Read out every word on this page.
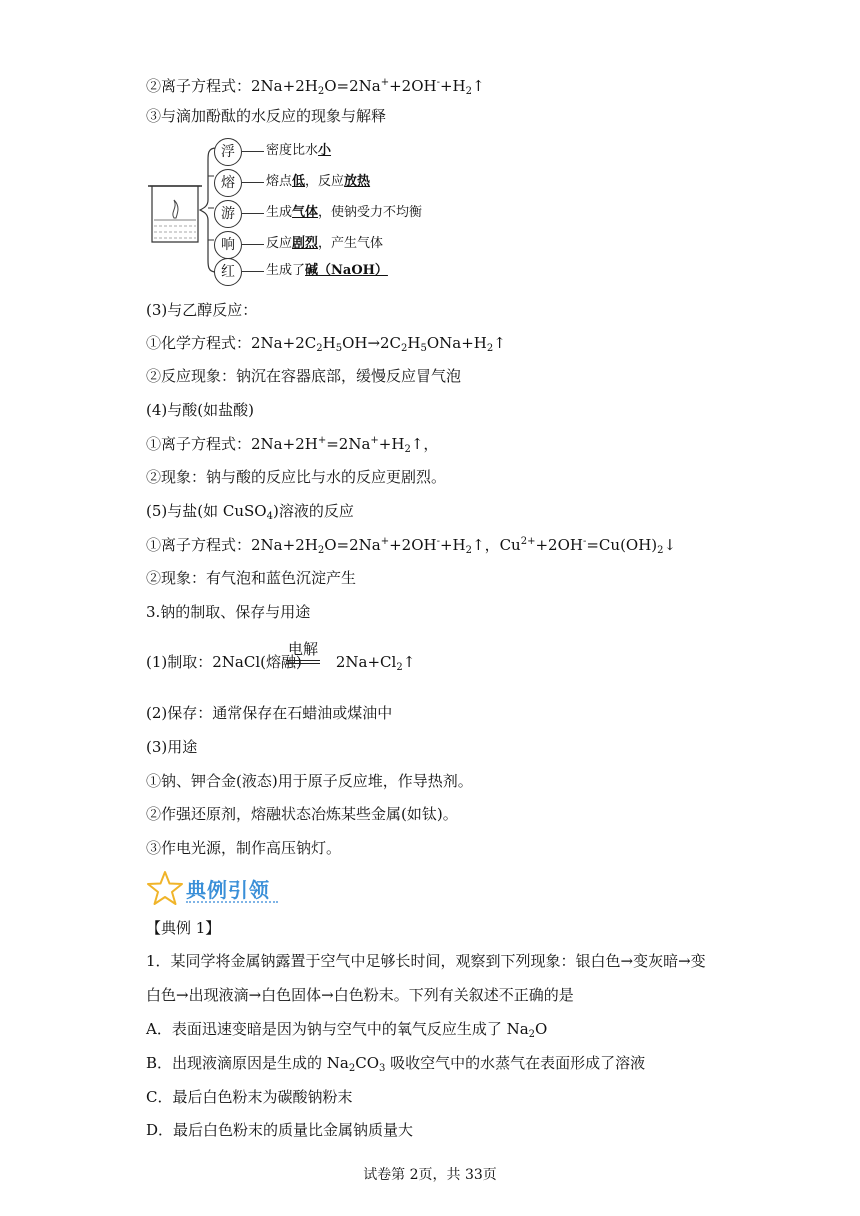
②离子方程式：$2Na+2H_2O=2Na^++2OH^-+H_2↑$
③与滴加酚酞的水反应的现象与解释
浮	密度比水小
熔	熔点低，反应放热
游	生成气体，使钠受力不均衡
响	反应剧烈，产生气体
红	生成了碱（NaOH）
(3)与乙醇反应：
①化学方程式：$2Na+2C_2H_5OH\to 2C_2H_5ONa+H_2↑$
②反应现象：钠沉在容器底部，缓慢反应冒气泡
(4)与酸(如盐酸)
①离子方程式：$2Na+2H^+=2Na^++H_2↑$，
②现象：钠与酸的反应比与水的反应更剧烈。
(5)与盐(如 CuSO$_4$)溶液的反应
①离子方程式：$2Na+2H_2O=2Na^++2OH^-+H_2↑$，$Cu^{2+}+2OH^-=Cu(OH)_2↓$
②现象：有气泡和蓝色沉淀产生
3.钠的制取、保存与用途
(1)制取：2NaCl(熔融) $2Na+Cl_2↑$
电解
(2)保存：通常保存在石蜡油或煤油中
(3)用途
①钠、钾合金(液态)用于原子反应堆，作导热剂。
②作强还原剂，熔融状态冶炼某些金属(如钛)。
③作电光源，制作高压钠灯。
典例引领
【典例 1】
1．某同学将金属钠露置于空气中足够长时间，观察到下列现象：银白色→变灰暗→变
白色→出现液滴→白色固体→白色粉末。下列有关叙述不正确的是
A．表面迅速变暗是因为钠与空气中的氧气反应生成了 $Na_2O$
B．出现液滴原因是生成的 $Na_2CO_3$ 吸收空气中的水蒸气在表面形成了溶液
C．最后白色粉末为碳酸钠粉末
D．最后白色粉末的质量比金属钠质量大
试卷第 2页，共 33页
